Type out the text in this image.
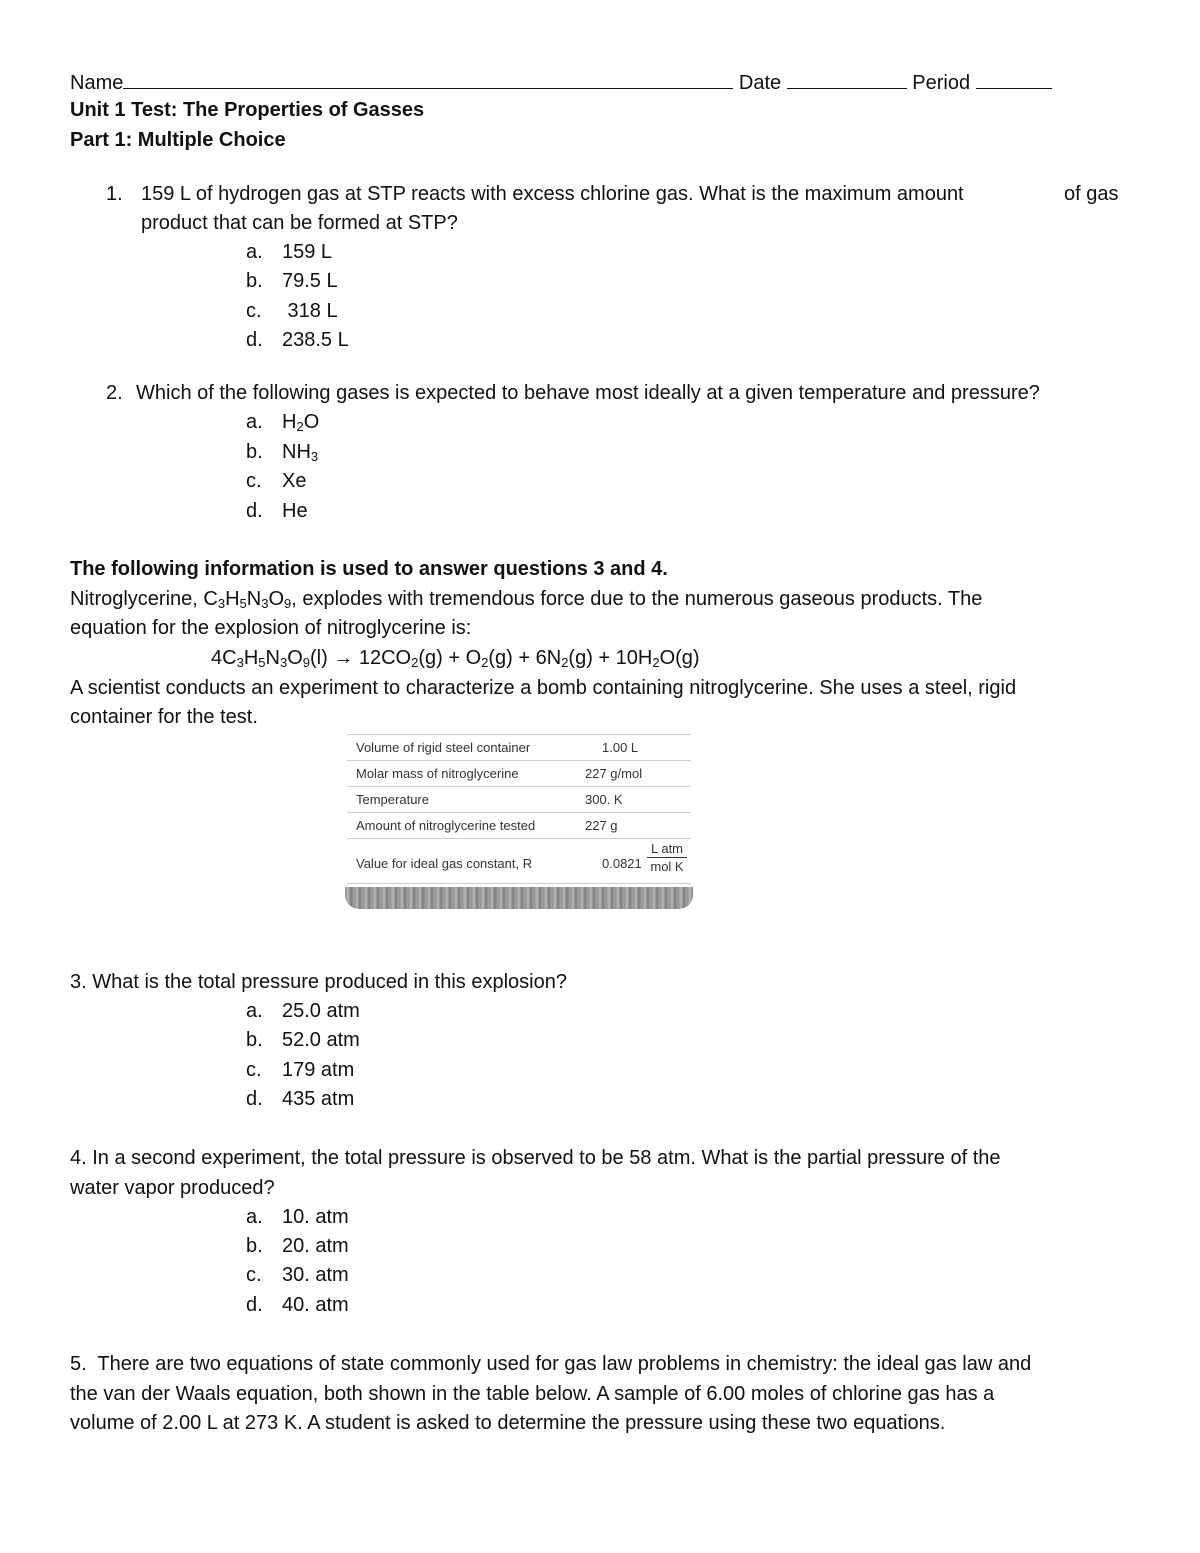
Name	Date	Period
Unit 1 Test: The Properties of Gasses
Part 1: Multiple Choice
1. 159 L of hydrogen gas at STP reacts with excess chlorine gas. What is the maximum amount	of gas
product that can be formed at STP?
a. 159 L
b. 79.5 L
c. 318 L
d. 238.5 L
2. Which of the following gases is expected to behave most ideally at a given temperature and pressure?
a. $H_2O$
b. $NH_3$
c. Xe
d. He
The following information is used to answer questions 3 and 4.
Nitroglycerine, $C_3H_5N_3O_9$, explodes with tremendous force due to the numerous gaseous products. The
equation for the explosion of nitroglycerine is:
$4C_3H_5N_3O_9(l) \to 12CO_2(g) + O_2(g) + 6N_2(g) + 10H_2O(g)$
A scientist conducts an experiment to characterize a bomb containing nitroglycerine. She uses a steel, rigid
container for the test.
Volume of rigid steel container	1.00 L
Molar mass of nitroglycerine	227 g/mol
Temperature	300. K
Amount of nitroglycerine tested	227 g
Value for ideal gas constant, R	0.0821
L atm
mol K
3. What is the total pressure produced in this explosion?
a. 25.0 atm
b. 52.0 atm
c. 179 atm
d. 435 atm
4. In a second experiment, the total pressure is observed to be 58 atm. What is the partial pressure of the
water vapor produced?
a. 10. atm
b. 20. atm
c. 30. atm
d. 40. atm
5.  There are two equations of state commonly used for gas law problems in chemistry: the ideal gas law and
the van der Waals equation, both shown in the table below. A sample of 6.00 moles of chlorine gas has a
volume of 2.00 L at 273 K. A student is asked to determine the pressure using these two equations.
